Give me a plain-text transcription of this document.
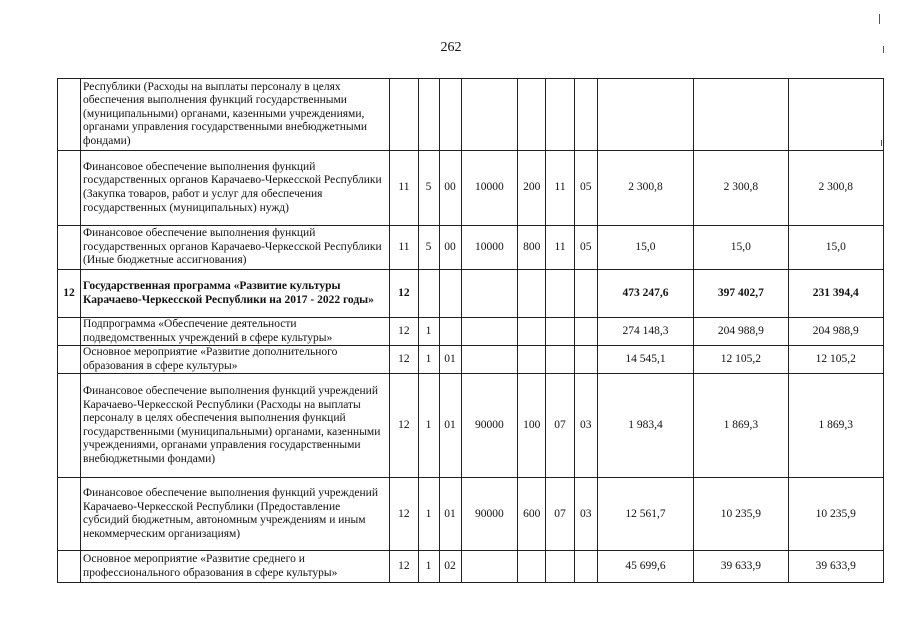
262
	Республики (Расходы на выплаты персоналу в целях обеспечения выполнения функций государственными (муниципальными) органами, казенными учреждениями, органами управления государственными внебюджетными фондами)										
	Финансовое обеспечение выполнения функций государственных органов Карачаево-Черкесской Республики (Закупка товаров, работ и услуг для обеспечения государственных (муниципальных) нужд)	11	5	00	10000	200	11	05	2 300,8	2 300,8	2 300,8
	Финансовое обеспечение выполнения функций государственных органов Карачаево-Черкесской Республики (Иные бюджетные ассигнования)	11	5	00	10000	800	11	05	15,0	15,0	15,0
12	Государственная программа «Развитие культуры Карачаево-Черкесской Республики на 2017 - 2022 годы»	12							473 247,6	397 402,7	231 394,4
	Подпрограмма «Обеспечение деятельности подведомственных учреждений в сфере культуры»	12	1						274 148,3	204 988,9	204 988,9
	Основное мероприятие «Развитие дополнительного образования в сфере культуры»	12	1	01					14 545,1	12 105,2	12 105,2
	Финансовое обеспечение выполнения функций учреждений Карачаево-Черкесской Республики (Расходы на выплаты персоналу в целях обеспечения выполнения функций государственными (муниципальными) органами, казенными учреждениями, органами управления государственными внебюджетными фондами)	12	1	01	90000	100	07	03	1 983,4	1 869,3	1 869,3
	Финансовое обеспечение выполнения функций учреждений Карачаево-Черкесской Республики (Предоставление субсидий бюджетным, автономным учреждениям и иным некоммерческим организациям)	12	1	01	90000	600	07	03	12 561,7	10 235,9	10 235,9
	Основное мероприятие «Развитие среднего и профессионального образования в сфере культуры»	12	1	02					45 699,6	39 633,9	39 633,9
